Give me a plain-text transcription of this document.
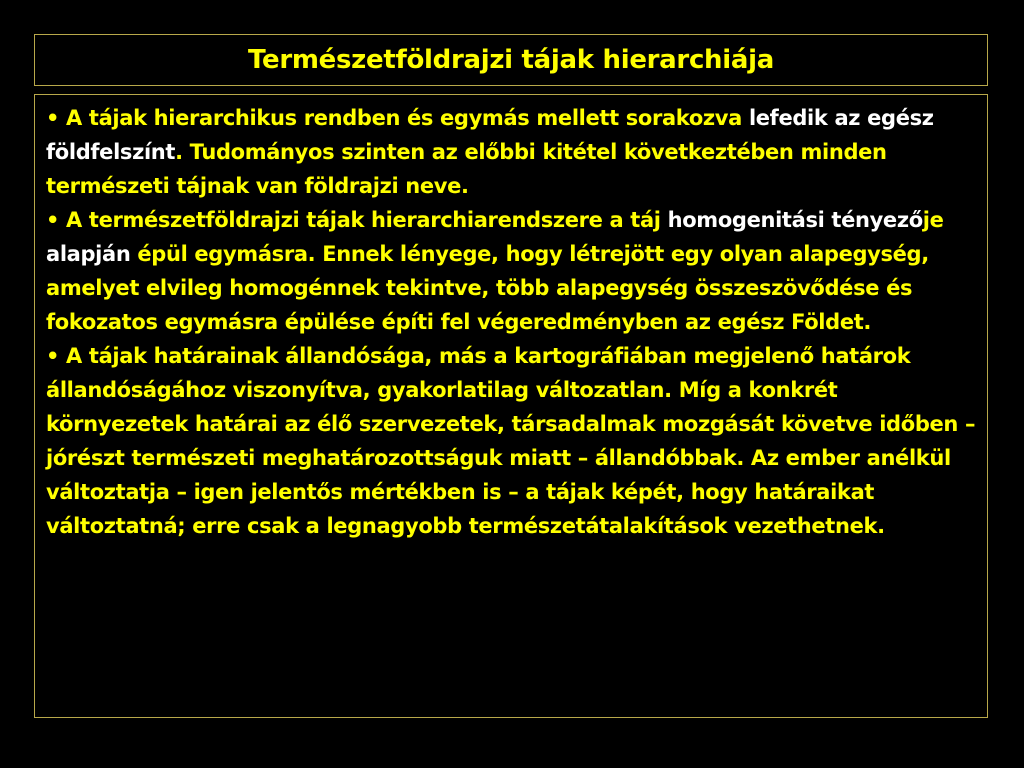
Természetföldrajzi tájak hierarchiája

• A tájak hierarchikus rendben és egymás mellett sorakozva lefedik az egész földfelszínt. Tudományos szinten az előbbi kitétel következtében minden természeti tájnak van földrajzi neve.

• A természetföldrajzi tájak hierarchiarendszere a táj homogenitási tényezője alapján épül egymásra. Ennek lényege, hogy létrejött egy olyan alapegység, amelyet elvileg homogénnek tekintve, több alapegység összeszövődése és fokozatos egymásra épülése építi fel végeredményben az egész Földet.

• A tájak határainak állandósága, más a kartográfiában megjelenő határok állandóságához viszonyítva, gyakorlatilag változatlan. Míg a konkrét környezetek határai az élő szervezetek, társadalmak mozgását követve időben – jórészt természeti meghatározottságuk miatt – állandóbbak. Az ember anélkül változtatja – igen jelentős mértékben is – a tájak képét, hogy határaikat változtatná; erre csak a legnagyobb természetátalakítások vezethetnek.
